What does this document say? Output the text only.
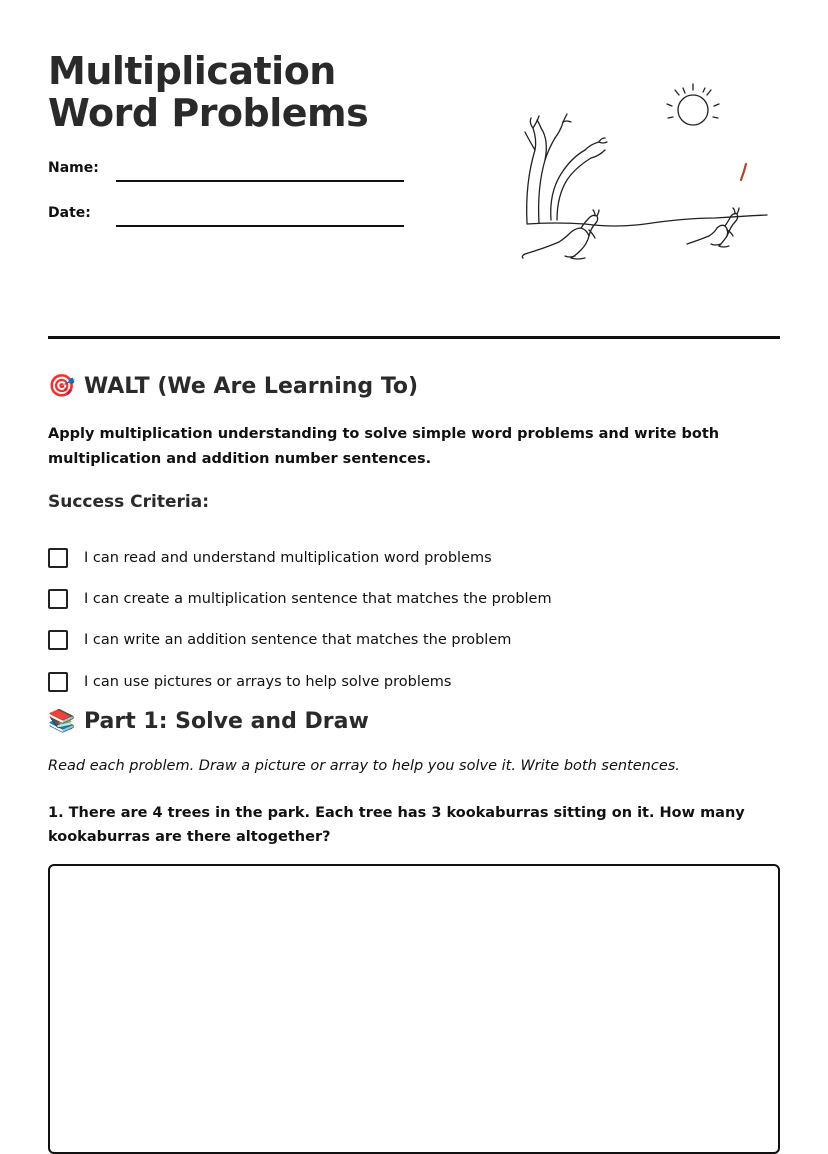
Multiplication Word Problems
Name:
Date:
🎯 WALT (We Are Learning To)

Apply multiplication understanding to solve simple word problems and write both multiplication and addition number sentences.

Success Criteria:
I can read and understand multiplication word problems
I can create a multiplication sentence that matches the problem
I can write an addition sentence that matches the problem
I can use pictures or arrays to help solve problems
📚 Part 1: Solve and Draw

Read each problem. Draw a picture or array to help you solve it. Write both sentences.

1. There are 4 trees in the park. Each tree has 3 kookaburras sitting on it. How many kookaburras are there altogether?
